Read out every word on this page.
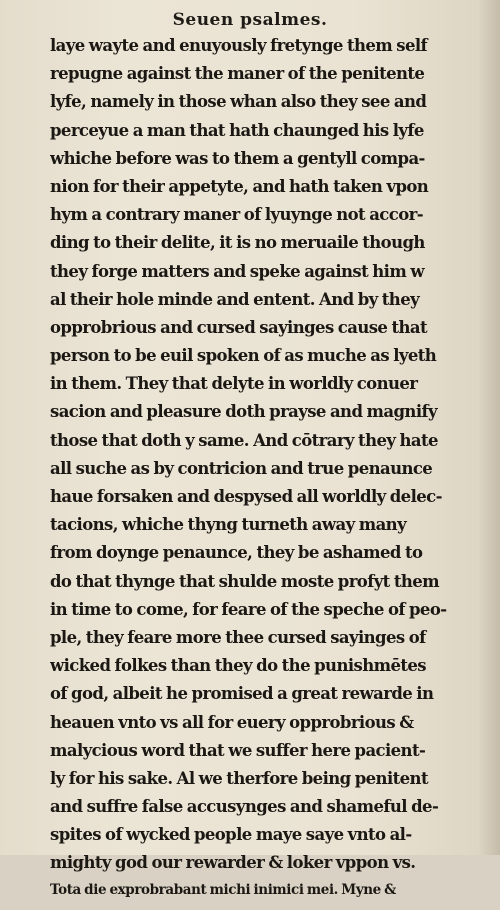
Seuen psalmes.
laye wayte and enuyously fretynge them self
repugne against the maner of the penitente
lyfe, namely in those whan also they see and
perceyue a man that hath chaunged his lyfe
whiche before was to them a gentyll compa-
nion for their appetyte, and hath taken vpon
hym a contrary maner of lyuynge not accor-
ding to their delite, it is no meruaile though
they forge matters and speke against him w
al their hole minde and entent. And by they
opprobrious and cursed sayinges cause that
person to be euil spoken of as muche as lyeth
in them. They that delyte in worldly conuer
sacion and pleasure doth prayse and magnify
those that doth y same. And cōtrary they hate
all suche as by contricion and true penaunce
haue forsaken and despysed all worldly delec-
tacions, whiche thyng turneth away many
from doynge penaunce, they be ashamed to
do that thynge that shulde moste profyt them
in time to come, for feare of the speche of peo-
ple, they feare more thee cursed sayinges of
wicked folkes than they do the punishmētes
of god, albeit he promised a great rewarde in
heauen vnto vs all for euery opprobrious &
malycious word that we suffer here pacient-
ly for his sake. Al we therfore being penitent
and suffre false accusynges and shameful de-
spites of wycked people maye saye vnto al-
mighty god our rewarder & loker vppon vs.
Tota die exprobrabant michi inimici mei. Myne &
